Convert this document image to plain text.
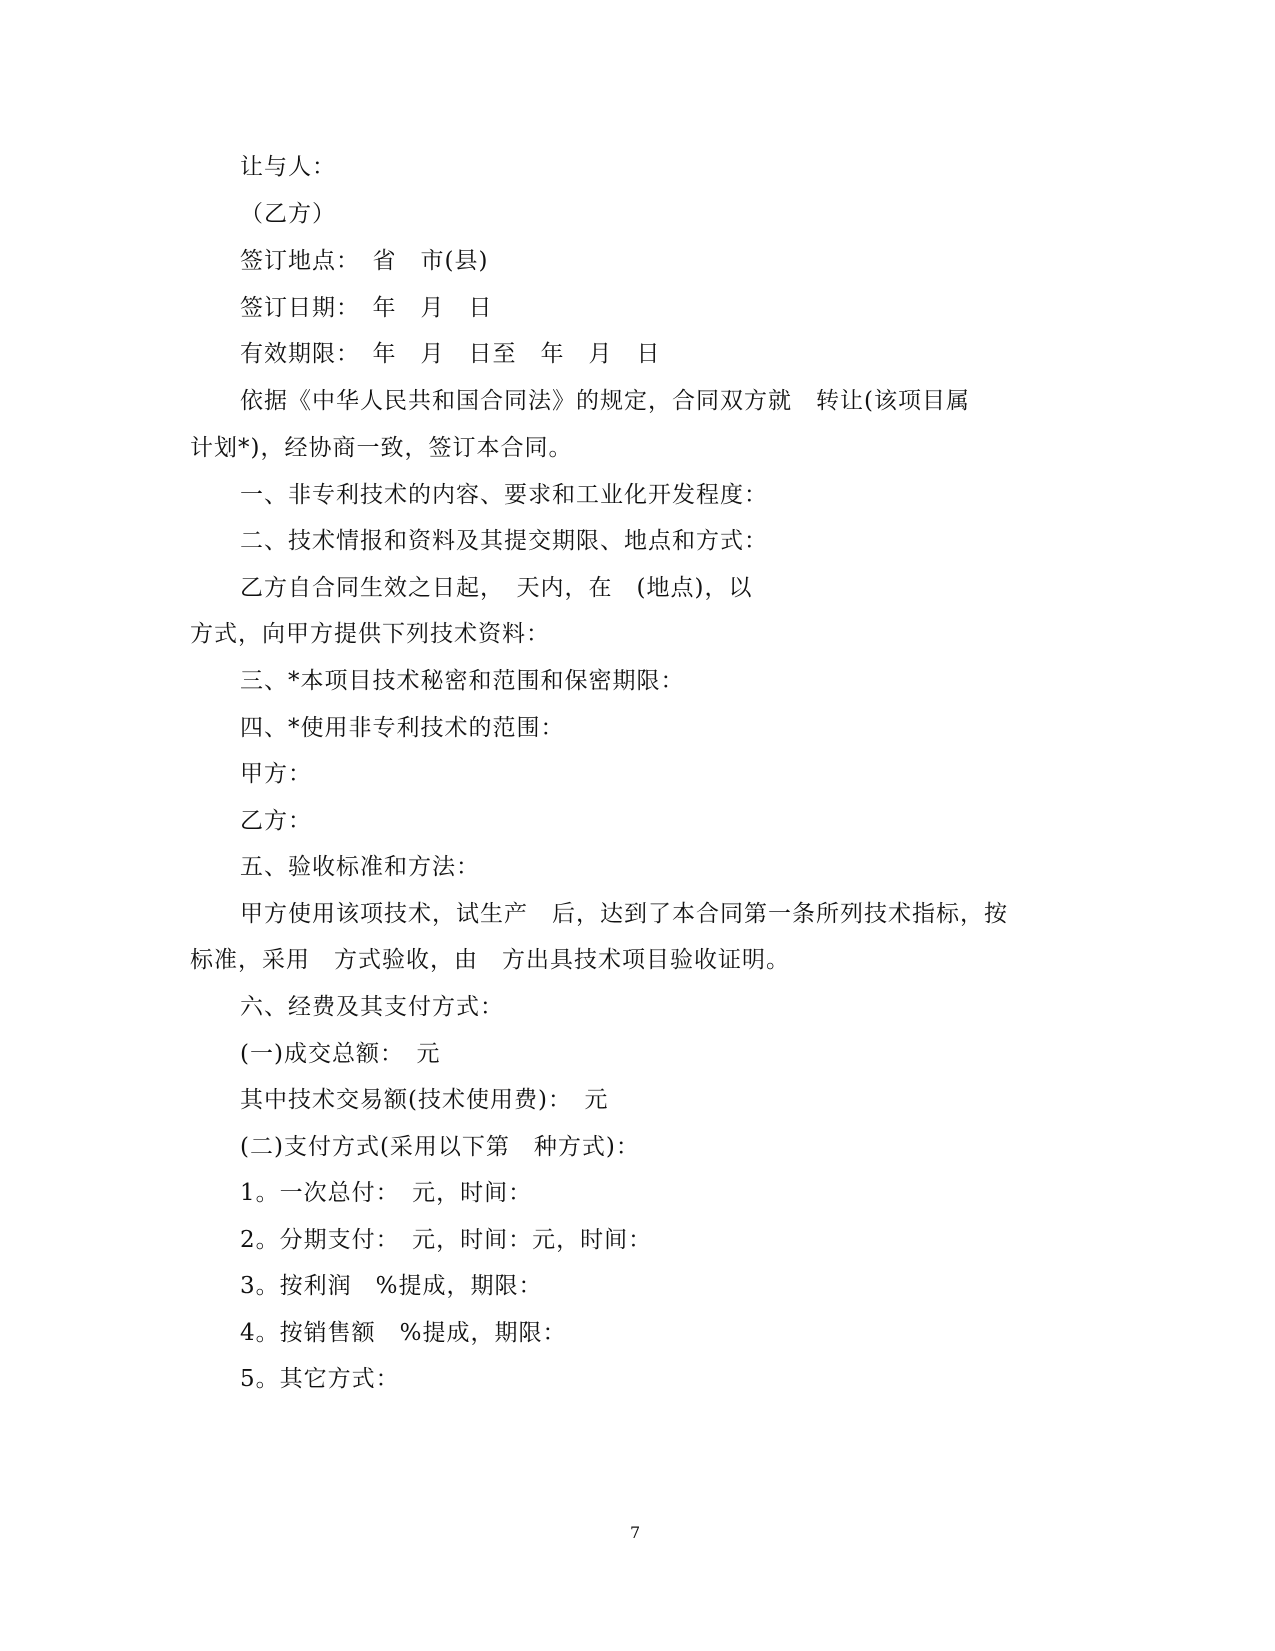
让与人：
（乙方）
签订地点：　省　市(县)
签订日期：　年　月　日
有效期限：　年　月　日至　年　月　日
依据《中华人民共和国合同法》的规定，合同双方就　转让(该项目属
计划*)，经协商一致，签订本合同。
一、非专利技术的内容、要求和工业化开发程度：
二、技术情报和资料及其提交期限、地点和方式：
乙方自合同生效之日起，　天内，在　(地点)，以
方式，向甲方提供下列技术资料：
三、*本项目技术秘密和范围和保密期限：
四、*使用非专利技术的范围：
甲方：
乙方：
五、验收标准和方法：
甲方使用该项技术，试生产　后，达到了本合同第一条所列技术指标，按
标准，采用　方式验收，由　方出具技术项目验收证明。
六、经费及其支付方式：
(一)成交总额：　元
其中技术交易额(技术使用费)：　元
(二)支付方式(采用以下第　种方式)：
1。一次总付：　元，时间：
2。分期支付：　元，时间：元，时间：
3。按利润　%提成，期限：
4。按销售额　%提成，期限：
5。其它方式：
7
